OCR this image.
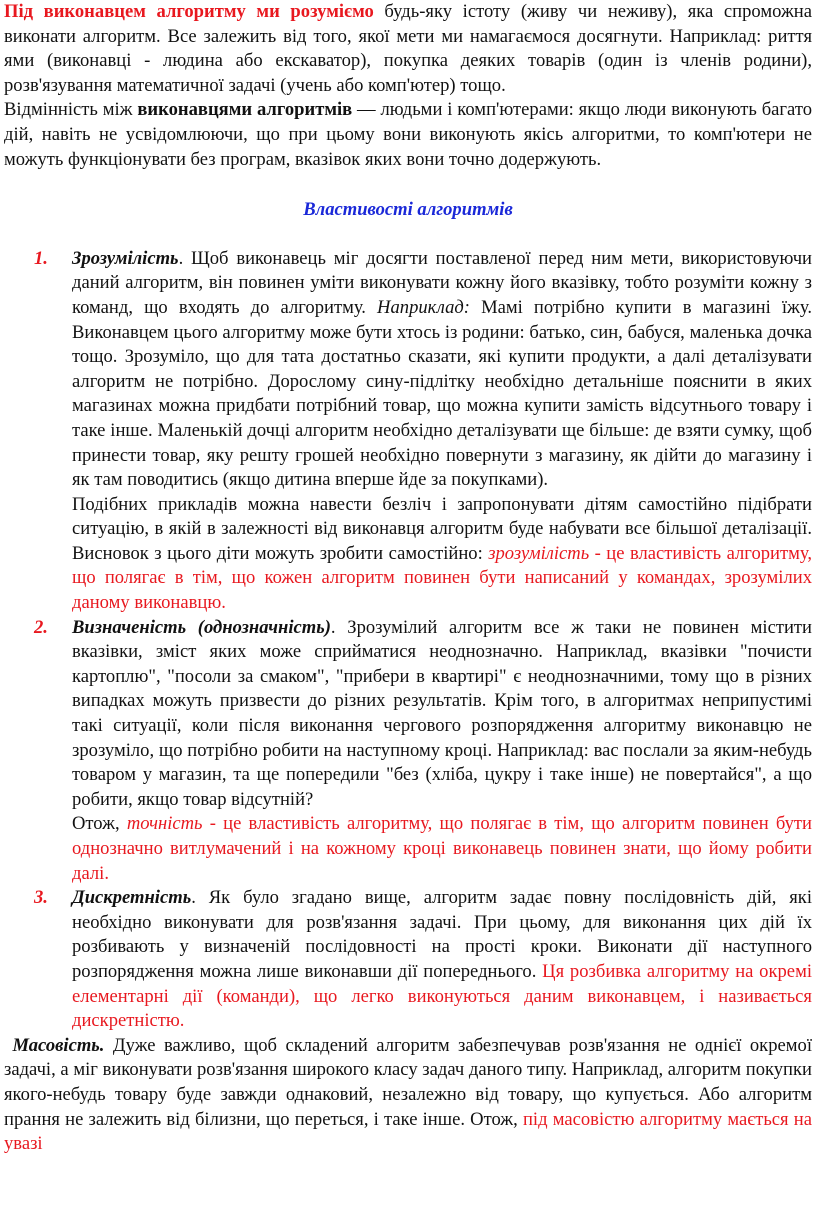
Під виконавцем алгоритму ми розуміємо будь-яку істоту (живу чи неживу), яка спроможна виконати алгоритм. Все залежить від того, якої мети ми намагаємося досягнути. Наприклад: риття ями (виконавці - людина або екскаватор), покупка деяких товарів (один із членів родини), розв'язування математичної задачі (учень або комп'ютер) тощо.

Відмінність між виконавцями алгоритмів — людьми і комп'ютерами: якщо люди виконують багато дій, навіть не усвідомлюючи, що при цьому вони виконують якісь алгоритми, то комп'ютери не можуть функціонувати без програм, вказівок яких вони точно додержують.

Властивості алгоритмів
1. Зрозумілість. Щоб виконавець міг досягти поставленої перед ним мети, використовуючи даний алгоритм, він повинен уміти виконувати кожну його вказівку, тобто розуміти кожну з команд, що входять до алгоритму. Наприклад: Мамі потрібно купити в магазині їжу. Виконавцем цього алгоритму може бути хтось із родини: батько, син, бабуся, маленька дочка тощо. Зрозуміло, що для тата достатньо сказати, які купити продукти, а далі деталізувати алгоритм не потрібно. Дорослому сину-підлітку необхідно детальніше пояснити в яких магазинах можна придбати потрібний товар, що можна купити замість відсутнього товару і таке інше. Маленькій дочці алгоритм необхідно деталізувати ще більше: де взяти сумку, щоб принести товар, яку решту грошей необхідно повернути з магазину, як дійти до магазину і як там поводитись (якщо дитина вперше йде за покупками).

Подібних прикладів можна навести безліч і запропонувати дітям самостійно підібрати ситуацію, в якій в залежності від виконавця алгоритм буде набувати все більшої деталізації. Висновок з цього діти можуть зробити самостійно: зрозумілість - це властивість алгоритму, що полягає в тім, що кожен алгоритм повинен бути написаний у командах, зрозумілих даному виконавцю.

2. Визначеність (однозначність). Зрозумілий алгоритм все ж таки не повинен містити вказівки, зміст яких може сприйматися неоднозначно. Наприклад, вказівки "почисти картоплю", "посоли за смаком", "прибери в квартирі" є неоднозначними, тому що в різних випадках можуть призвести до різних результатів. Крім того, в алгоритмах неприпустимі такі ситуації, коли після виконання чергового розпорядження алгоритму виконавцю не зрозуміло, що потрібно робити на наступному кроці. Наприклад: вас послали за яким-небудь товаром у магазин, та ще попередили "без (хліба, цукру і таке інше) не повертайся", а що робити, якщо товар відсутній?

Отож, точність - це властивість алгоритму, що полягає в тім, що алгоритм повинен бути однозначно витлумачений і на кожному кроці виконавець повинен знати, що йому робити далі.

3. Дискретність. Як було згадано вище, алгоритм задає повну послідовність дій, які необхідно виконувати для розв'язання задачі. При цьому, для виконання цих дій їх розбивають у визначеній послідовності на прості кроки. Виконати дії наступного розпорядження можна лише виконавши дії попереднього. Ця розбивка алгоритму на окремі елементарні дії (команди), що легко виконуються даним виконавцем, і називається дискретністю.

Масовість. Дуже важливо, щоб складений алгоритм забезпечував розв'язання не однієї окремої задачі, а міг виконувати розв'язання широкого класу задач даного типу. Наприклад, алгоритм покупки якого-небудь товару буде завжди однаковий, незалежно від товару, що купується. Або алгоритм прання не залежить від білизни, що переться, і таке інше. Отож, під масовістю алгоритму мається на увазі
